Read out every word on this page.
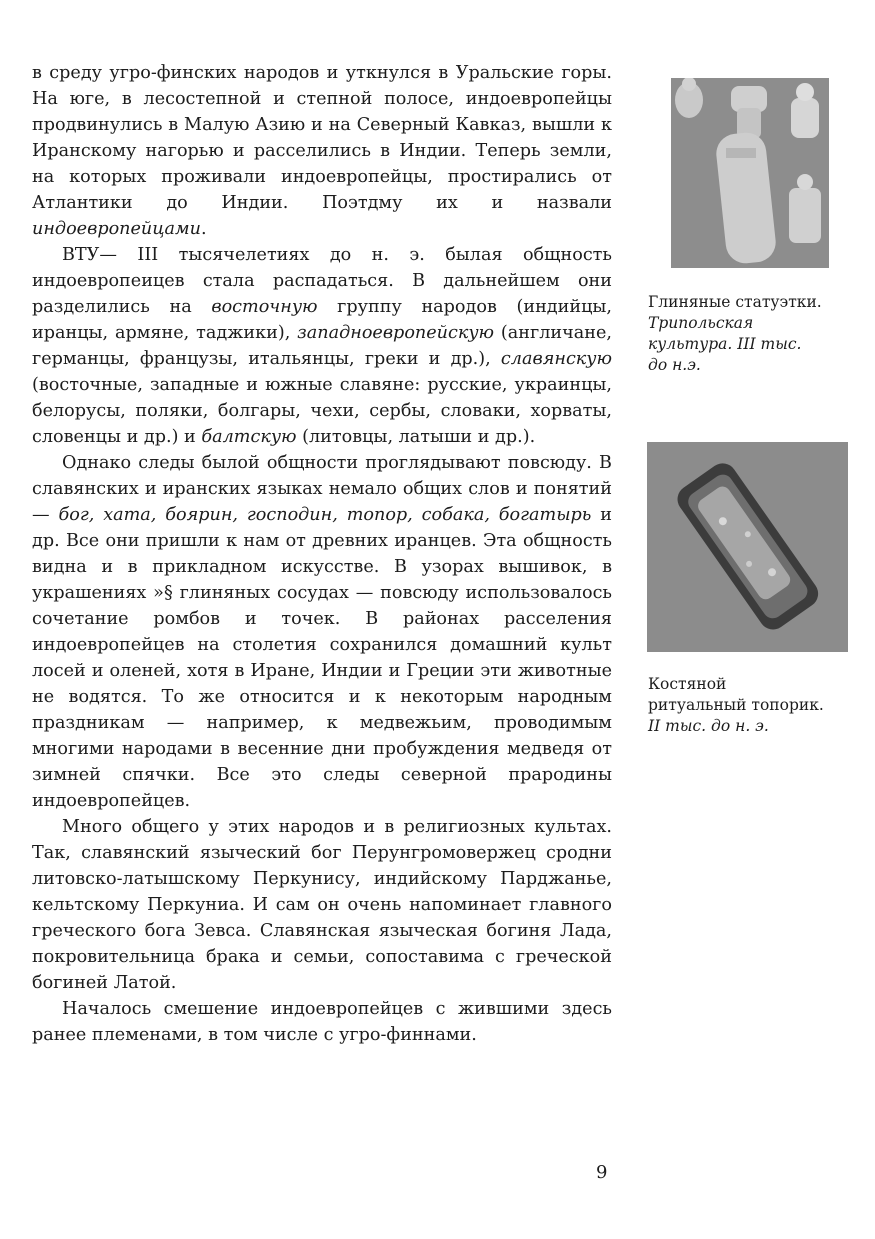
в среду угро-финских народов и уткнулся в Уральские горы. На юге, в лесостепной и степной полосе, индоевропейцы продвинулись в Малую Азию и на Северный Кавказ, вышли к Иранскому нагорью и расселились в Индии. Теперь земли, на которых проживали индоевропейцы, простирались от Атлантики до Индии. Поэтдму их и назвали индоевропейцами.

ВТУ— III тысячелетиях до н. э. былая общность индоевропеицев стала распадаться. В дальнейшем они разделились на восточную группу народов (индийцы, иранцы, армяне, таджики), западноевропейскую (англичане, германцы, французы, итальянцы, греки и др.), славянскую (восточные, западные и южные славяне: русские, украинцы, белорусы, поляки, болгары, чехи, сербы, словаки, хорваты, словенцы и др.) и балтскую (литовцы, латыши и др.).

Однако следы былой общности проглядывают повсюду. В славянских и иранских языках немало общих слов и понятий — бог, хата, боярин, господин, топор, собака, богатырь и др. Все они пришли к нам от древних иранцев. Эта общность видна и в прикладном искусстве. В узорах вышивок, в украшениях »§ глиняных сосудах — повсюду использовалось сочетание ромбов и точек. В районах расселения индоевропейцев на столетия сохранился домашний культ лосей и оленей, хотя в Иране, Индии и Греции эти животные не водятся. То же относится и к некоторым народным праздникам — например, к медвежьим, проводимым многими народами в весенние дни пробуждения медведя от зимней спячки. Все это следы северной прародины индоевропейцев.

Много общего у этих народов и в религиозных культах. Так, славянский языческий бог Перунгромовержец сродни литовско-латышскому Перкунису, индийскому Парджанье, кельтскому Перкуниа. И сам он очень напоминает главного греческого бога Зевса. Славянская языческая богиня Лада, покровительница брака и семьи, сопоставима с греческой богиней Латой.

Началось смешение индоевропейцев с жившими здесь ранее племенами, в том числе с угро-финнами.

Глиняные статуэтки.
Трипольская
культура. III тыс.
до н.э.
Костяной
ритуальный топорик.
II тыс. до н. э.
9
